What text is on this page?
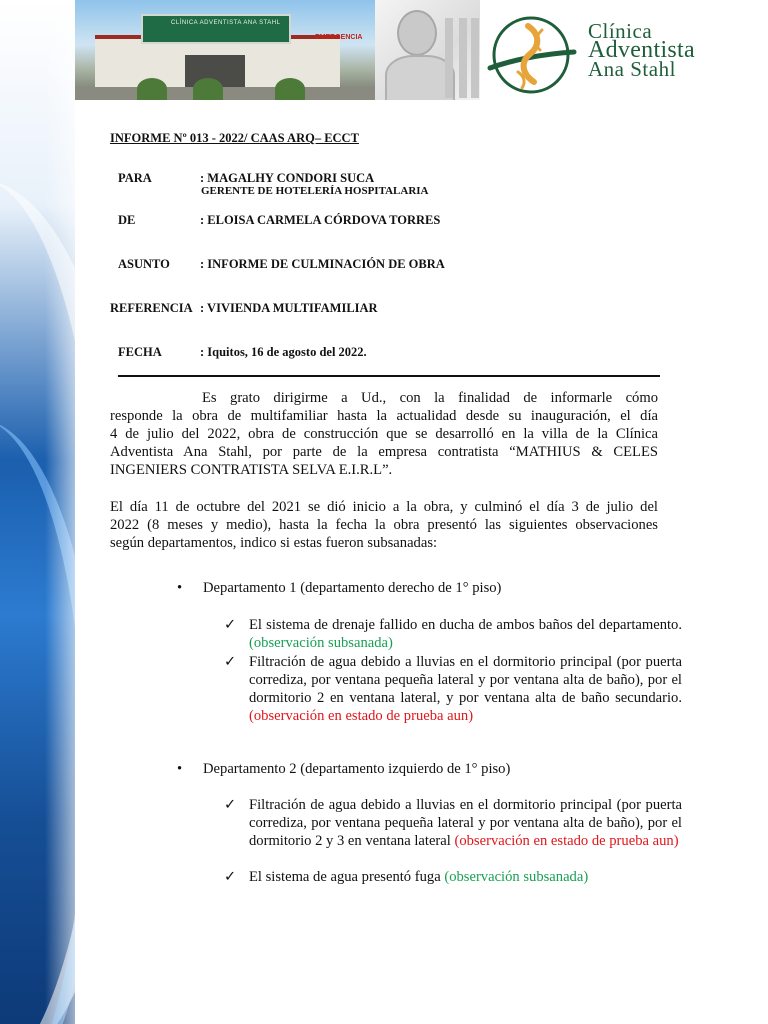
CLÍNICA ADVENTISTA ANA STAHL
EMERGENCIA	Clínica
Adventista
Ana Stahl
INFORME Nº 013 - 2022/ CAAS ARQ– ECCT
PARA	: MAGALHY CONDORI SUCA
GERENTE DE HOTELERÍA HOSPITALARIA
DE	: ELOISA CARMELA CÓRDOVA TORRES
ASUNTO : INFORME DE CULMINACIÓN DE OBRA
REFERENCIA : VIVIENDA MULTIFAMILIAR
FECHA	: Iquitos, 16 de agosto del 2022.
Es grato dirigirme a Ud., con la finalidad de informarle cómo
responde la obra de multifamiliar hasta la actualidad desde su inauguración, el día
4 de julio del 2022, obra de construcción que se desarrolló en la villa de la Clínica
Adventista Ana Stahl, por parte de la empresa contratista “MATHIUS & CELES
INGENIERS CONTRATISTA SELVA E.I.R.L”.
El día 11 de octubre del 2021 se dió inicio a la obra, y culminó el día 3 de julio del
2022 (8 meses y medio), hasta la fecha la obra presentó las siguientes observaciones
según departamentos, indico si estas fueron subsanadas:
• Departamento 1 (departamento derecho de 1° piso)
✓ El sistema de drenaje fallido en ducha de ambos baños del departamento. (observación subsanada)
✓ Filtración de agua debido a lluvias en el dormitorio principal (por puerta corrediza, por ventana pequeña lateral y por ventana alta de baño), por el dormitorio 2 en ventana lateral, y por ventana alta de baño secundario. (observación en estado de prueba aun)
• Departamento 2 (departamento izquierdo de 1° piso)
✓ Filtración de agua debido a lluvias en el dormitorio principal (por puerta corrediza, por ventana pequeña lateral y por ventana alta de baño), por el dormitorio 2 y 3 en ventana lateral (observación en estado de prueba aun)
✓ El sistema de agua presentó fuga (observación subsanada)
